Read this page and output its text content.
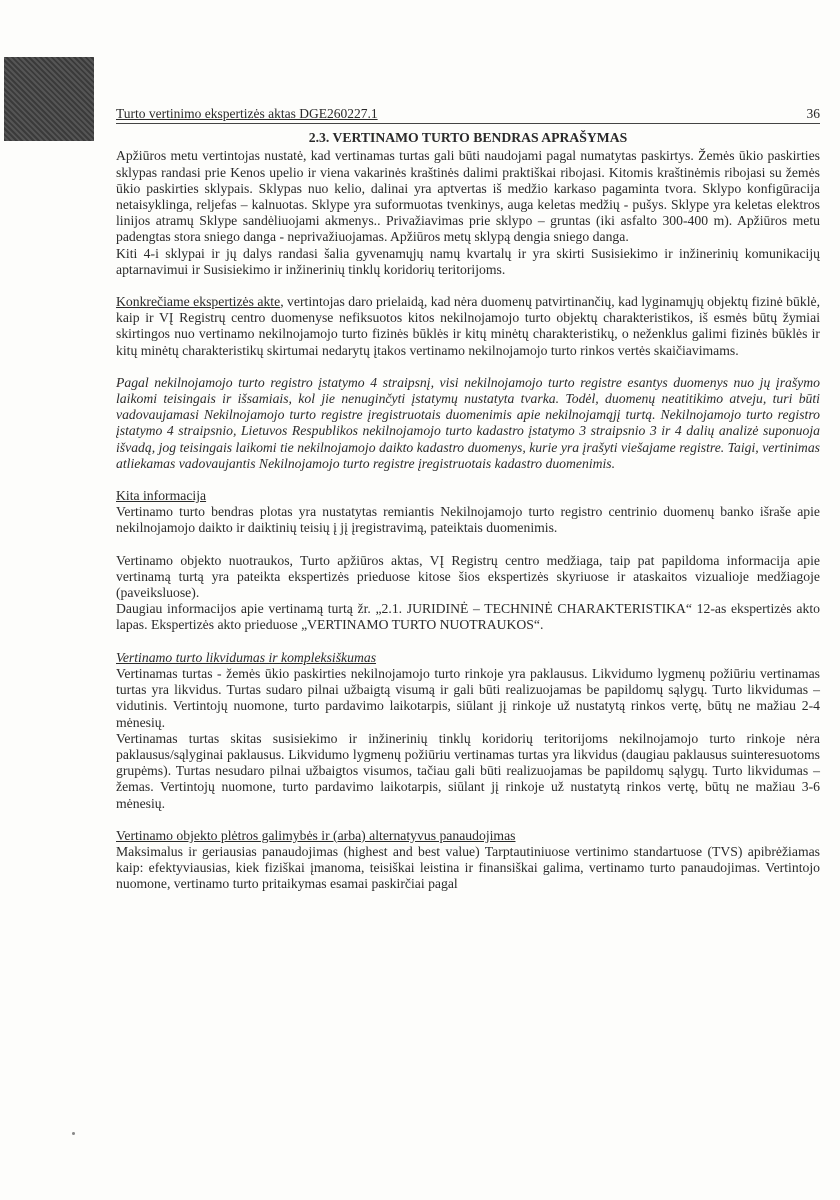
Turto vertinimo ekspertizės aktas DGE260227.1	36
2.3. VERTINAMO TURTO BENDRAS APRAŠYMAS

Apžiūros metu vertintojas nustatė, kad vertinamas turtas gali būti naudojami pagal numatytas paskirtys. Žemės ūkio paskirties sklypas randasi prie Kenos upelio ir viena vakarinės kraštinės dalimi praktiškai ribojasi. Kitomis kraštinėmis ribojasi su žemės ūkio paskirties sklypais. Sklypas nuo kelio, dalinai yra aptvertas iš medžio karkaso pagaminta tvora. Sklypo konfigūracija netaisyklinga, reljefas – kalnuotas. Sklype yra suformuotas tvenkinys, auga keletas medžių - pušys. Sklype yra keletas elektros linijos atramų Sklype sandėliuojami akmenys.. Privažiavimas prie sklypo – gruntas (iki asfalto 300-400 m). Apžiūros metu padengtas stora sniego danga - neprivažiuojamas. Apžiūros metų sklypą dengia sniego danga.

Kiti 4-i sklypai ir jų dalys randasi šalia gyvenamųjų namų kvartalų ir yra skirti Susisiekimo ir inžinerinių komunikacijų aptarnavimui ir Susisiekimo ir inžinerinių tinklų koridorių teritorijoms.

Konkrečiame ekspertizės akte, vertintojas daro prielaidą, kad nėra duomenų patvirtinančių, kad lyginamųjų objektų fizinė būklė, kaip ir VĮ Registrų centro duomenyse nefiksuotos kitos nekilnojamojo turto objektų charakteristikos, iš esmės būtų žymiai skirtingos nuo vertinamo nekilnojamojo turto fizinės būklės ir kitų minėtų charakteristikų, o neženklus galimi fizinės būklės ir kitų minėtų charakteristikų skirtumai nedarytų įtakos vertinamo nekilnojamojo turto rinkos vertės skaičiavimams.

Pagal nekilnojamojo turto registro įstatymo 4 straipsnį, visi nekilnojamojo turto registre esantys duomenys nuo jų įrašymo laikomi teisingais ir išsamiais, kol jie nenuginčyti įstatymų nustatyta tvarka. Todėl, duomenų neatitikimo atveju, turi būti vadovaujamasi Nekilnojamojo turto registre įregistruotais duomenimis apie nekilnojamąjį turtą. Nekilnojamojo turto registro įstatymo 4 straipsnio, Lietuvos Respublikos nekilnojamojo turto kadastro įstatymo 3 straipsnio 3 ir 4 dalių analizė suponuoja išvadą, jog teisingais laikomi tie nekilnojamojo daikto kadastro duomenys, kurie yra įrašyti viešajame registre. Taigi, vertinimas atliekamas vadovaujantis Nekilnojamojo turto registre įregistruotais kadastro duomenimis.

Kita informacija

Vertinamo turto bendras plotas yra nustatytas remiantis Nekilnojamojo turto registro centrinio duomenų banko išraše apie nekilnojamojo daikto ir daiktinių teisių į jį įregistravimą, pateiktais duomenimis.

Vertinamo objekto nuotraukos, Turto apžiūros aktas, VĮ Registrų centro medžiaga, taip pat papildoma informacija apie vertinamą turtą yra pateikta ekspertizės prieduose kitose šios ekspertizės skyriuose ir ataskaitos vizualioje medžiagoje (paveiksluose).

Daugiau informacijos apie vertinamą turtą žr. „2.1. JURIDINĖ – TECHNINĖ CHARAKTERISTIKA“ 12-as ekspertizės akto lapas. Ekspertizės akto prieduose „VERTINAMO TURTO NUOTRAUKOS“.

Vertinamo turto likvidumas ir kompleksiškumas

Vertinamas turtas - žemės ūkio paskirties nekilnojamojo turto rinkoje yra paklausus. Likvidumo lygmenų požiūriu vertinamas turtas yra likvidus. Turtas sudaro pilnai užbaigtą visumą ir gali būti realizuojamas be papildomų sąlygų. Turto likvidumas – vidutinis. Vertintojų nuomone, turto pardavimo laikotarpis, siūlant jį rinkoje už nustatytą rinkos vertę, būtų ne mažiau 2-4 mėnesių.

Vertinamas turtas skitas susisiekimo ir inžinerinių tinklų koridorių teritorijoms nekilnojamojo turto rinkoje nėra paklausus/sąlyginai paklausus. Likvidumo lygmenų požiūriu vertinamas turtas yra likvidus (daugiau paklausus suinteresuotoms grupėms). Turtas nesudaro pilnai užbaigtos visumos, tačiau gali būti realizuojamas be papildomų sąlygų. Turto likvidumas – žemas. Vertintojų nuomone, turto pardavimo laikotarpis, siūlant jį rinkoje už nustatytą rinkos vertę, būtų ne mažiau 3-6 mėnesių.

Vertinamo objekto plėtros galimybės ir (arba) alternatyvus panaudojimas

Maksimalus ir geriausias panaudojimas (highest and best value) Tarptautiniuose vertinimo standartuose (TVS) apibrėžiamas kaip: efektyviausias, kiek fiziškai įmanoma, teisiškai leistina ir finansiškai galima, vertinamo turto panaudojimas. Vertintojo nuomone, vertinamo turto pritaikymas esamai paskirčiai pagal
